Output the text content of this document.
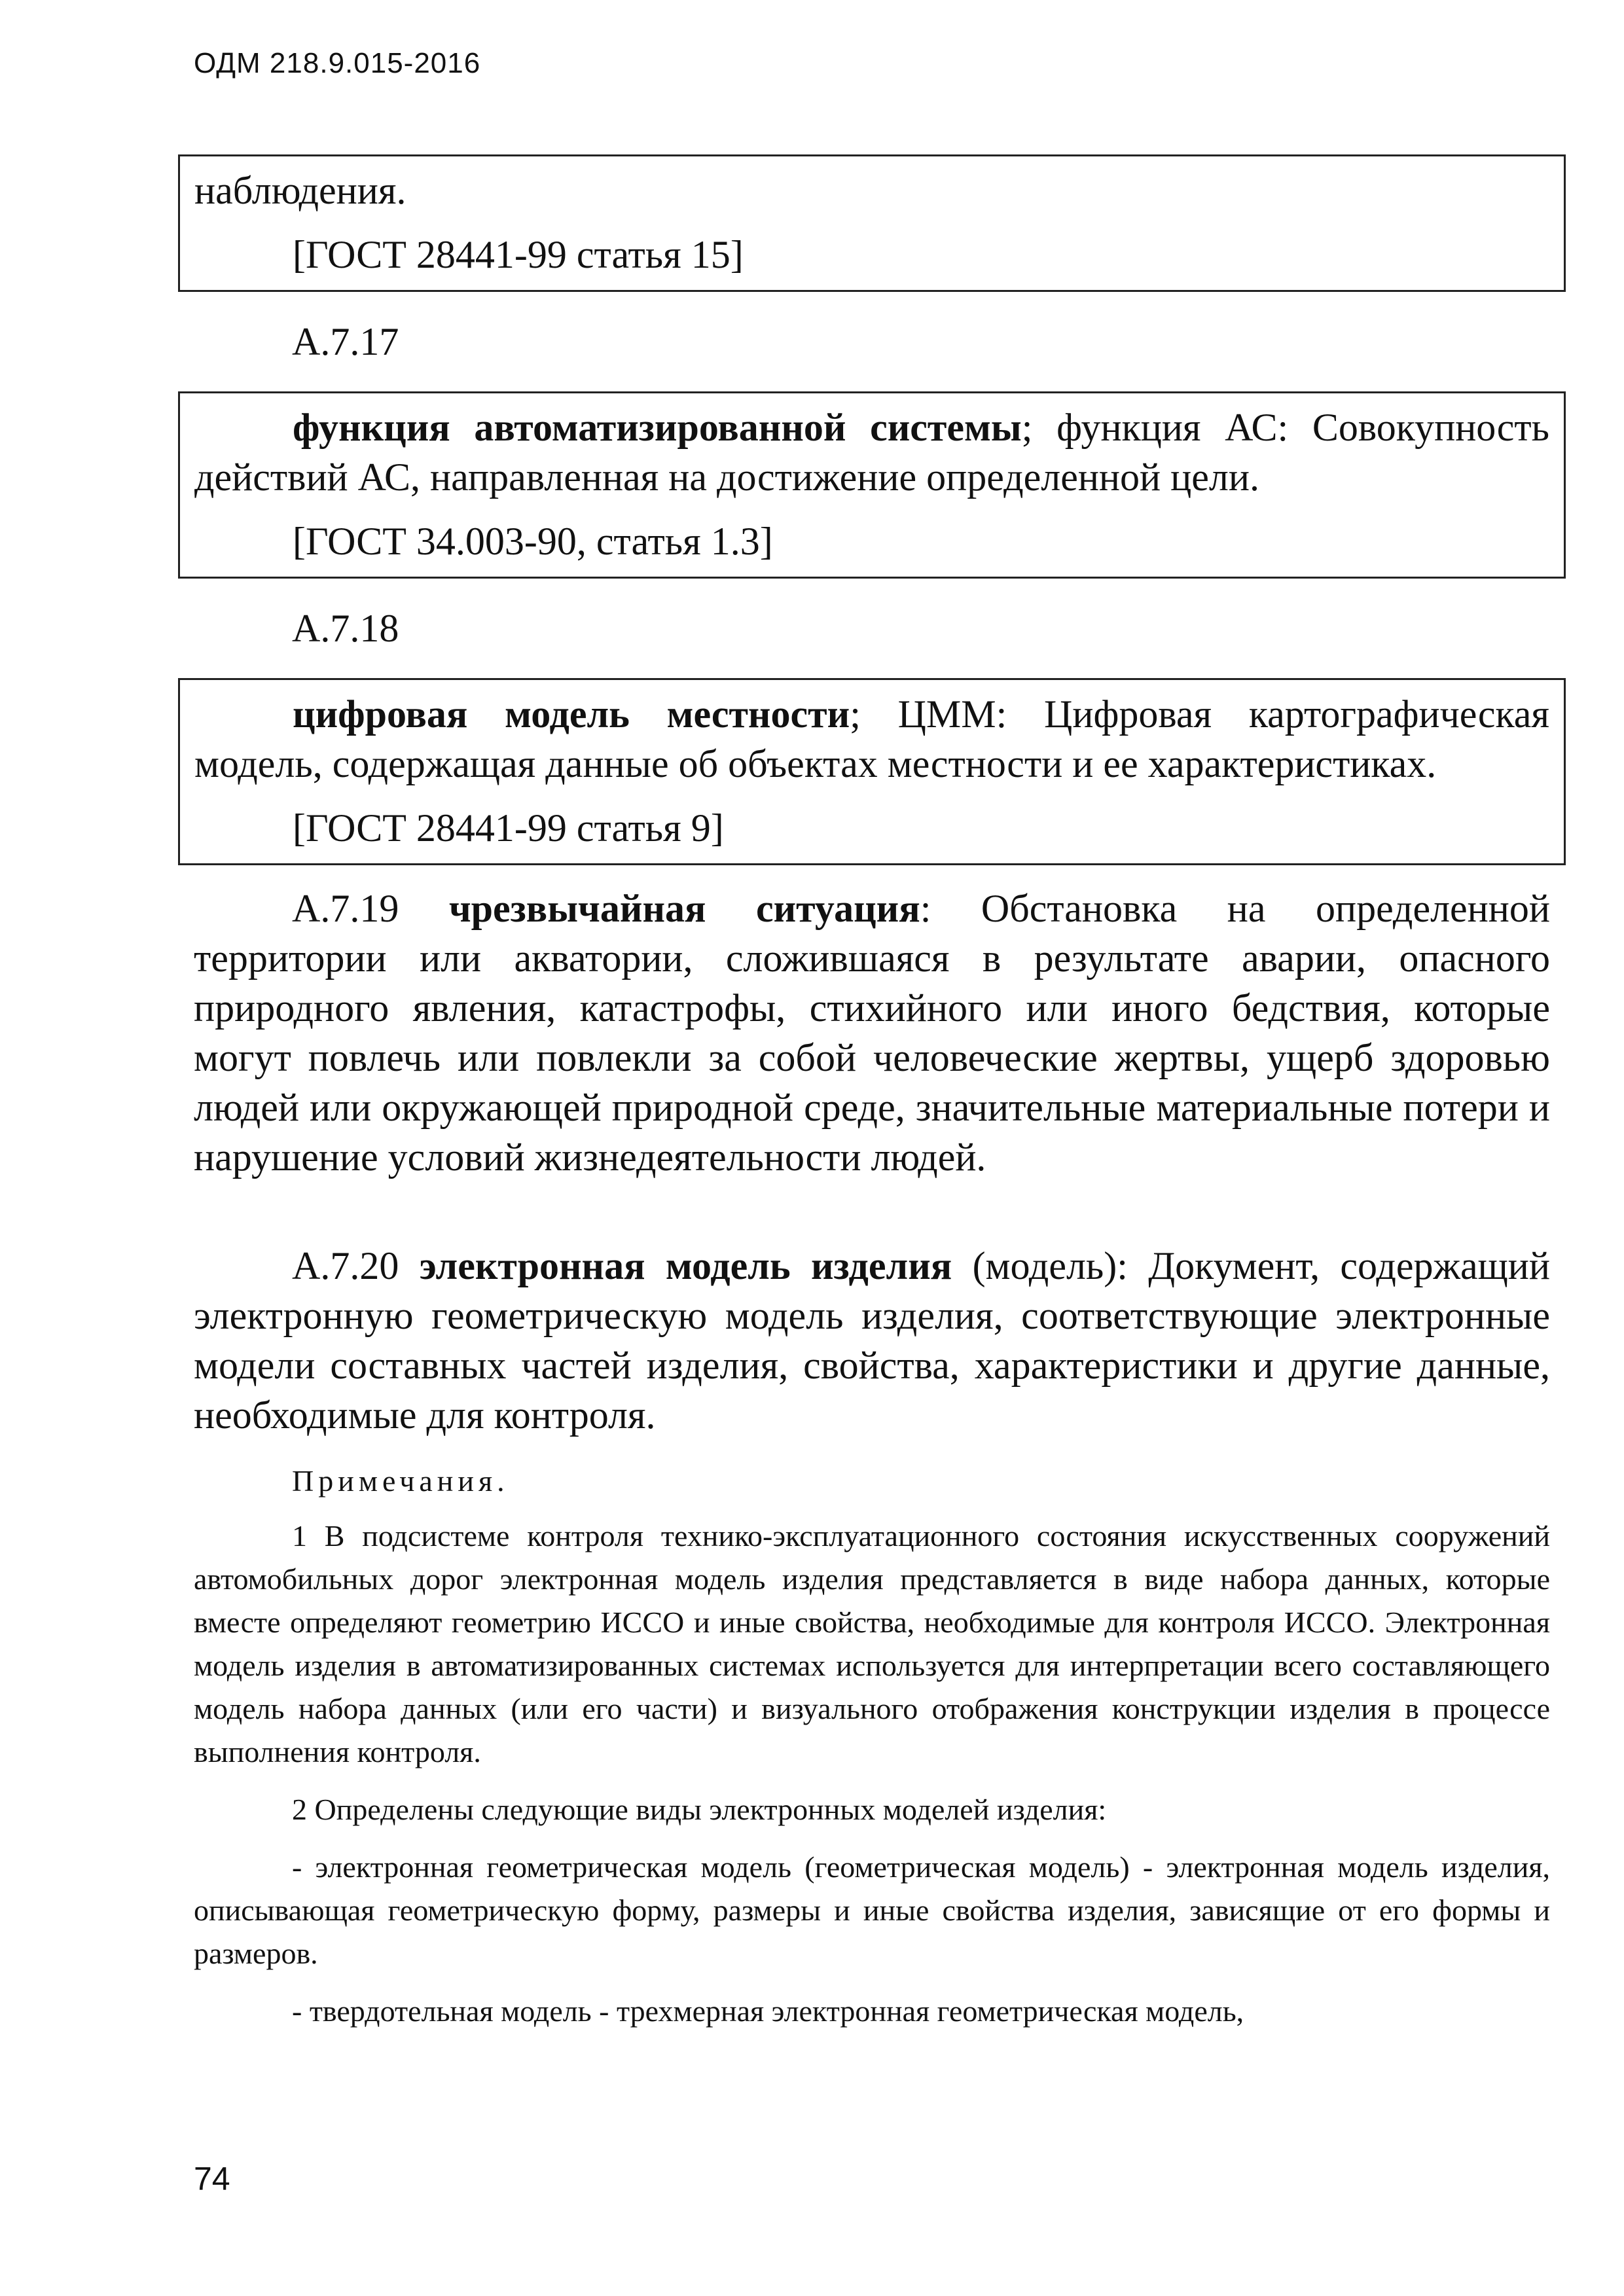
ОДМ 218.9.015-2016

наблюдения.

[ГОСТ 28441-99 статья 15]

А.7.17

функция автоматизированной системы; функция АС: Совокупность действий АС, направленная на достижение определенной цели.

[ГОСТ 34.003-90, статья 1.3]

А.7.18

цифровая модель местности; ЦММ: Цифровая картографическая модель, содержащая данные об объектах местности и ее характеристиках.

[ГОСТ 28441-99 статья 9]

А.7.19 чрезвычайная ситуация: Обстановка на определенной территории или акватории, сложившаяся в результате аварии, опасного природного явления, катастрофы, стихийного или иного бедствия, которые могут повлечь или повлекли за собой человеческие жертвы, ущерб здоровью людей или окружающей природной среде, значительные материальные потери и нарушение условий жизнедеятельности людей.

А.7.20 электронная модель изделия (модель): Документ, содержащий электронную геометрическую модель изделия, соответствующие электронные модели составных частей изделия, свойства, характеристики и другие данные, необходимые для контроля.

Примечания.

1 В подсистеме контроля технико-эксплуатационного состояния искусственных сооружений автомобильных дорог электронная модель изделия представляется в виде набора данных, которые вместе определяют геометрию ИССО и иные свойства, необходимые для контроля ИССО. Электронная модель изделия в автоматизированных системах используется для интерпретации всего составляющего модель набора данных (или его части) и визуального отображения конструкции изделия в процессе выполнения контроля.

2 Определены следующие виды электронных моделей изделия:

- электронная геометрическая модель (геометрическая модель) - электронная модель изделия, описывающая геометрическую форму, размеры и иные свойства изделия, зависящие от его формы и размеров.

- твердотельная модель - трехмерная электронная геометрическая модель,

74
